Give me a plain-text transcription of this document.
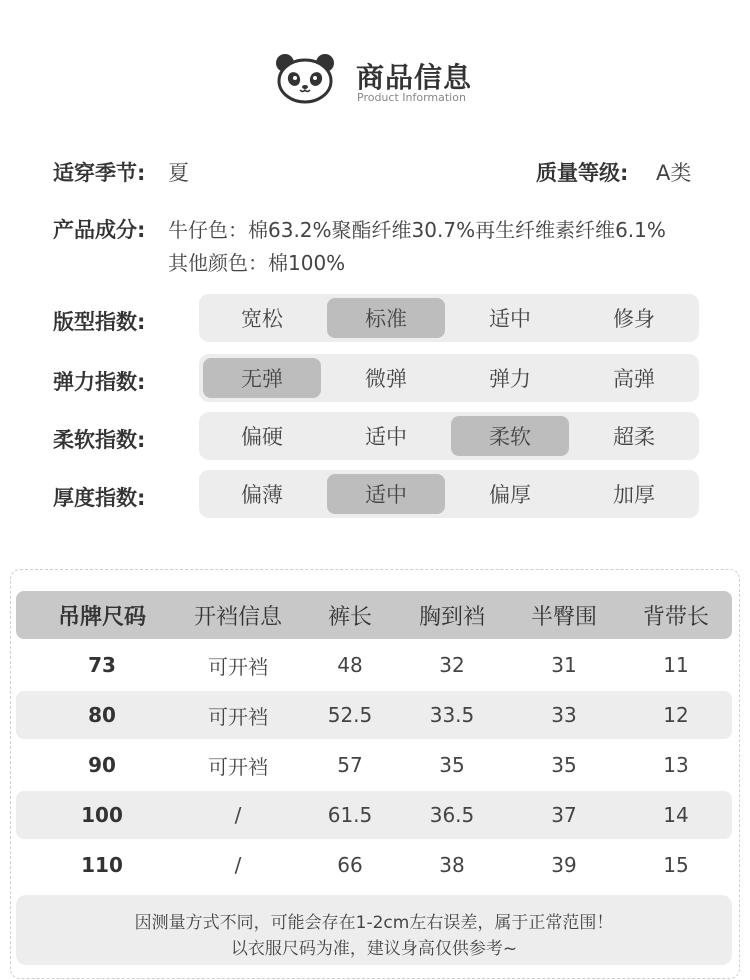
商品信息
Product Information
适穿季节: 夏	质量等级: A类
产品成分: 牛仔色：棉63.2%聚酯纤维30.7%再生纤维素纤维6.1%
其他颜色：棉100%
版型指数:	宽松	标准	适中	修身
弹力指数:	无弹	微弹	弹力	高弹
柔软指数:	偏硬	适中	柔软	超柔
厚度指数:	偏薄	适中	偏厚	加厚
吊牌尺码	开裆信息	裤长	胸到裆	半臀围	背带长
73	可开裆	48	32	31	11
80	可开裆	52.5	33.5	33	12
90	可开裆	57	35	35	13
100	/	61.5	36.5	37	14
110	/	66	38	39	15
因测量方式不同，可能会存在1-2cm左右误差，属于正常范围！
以衣服尺码为准，建议身高仅供参考~
